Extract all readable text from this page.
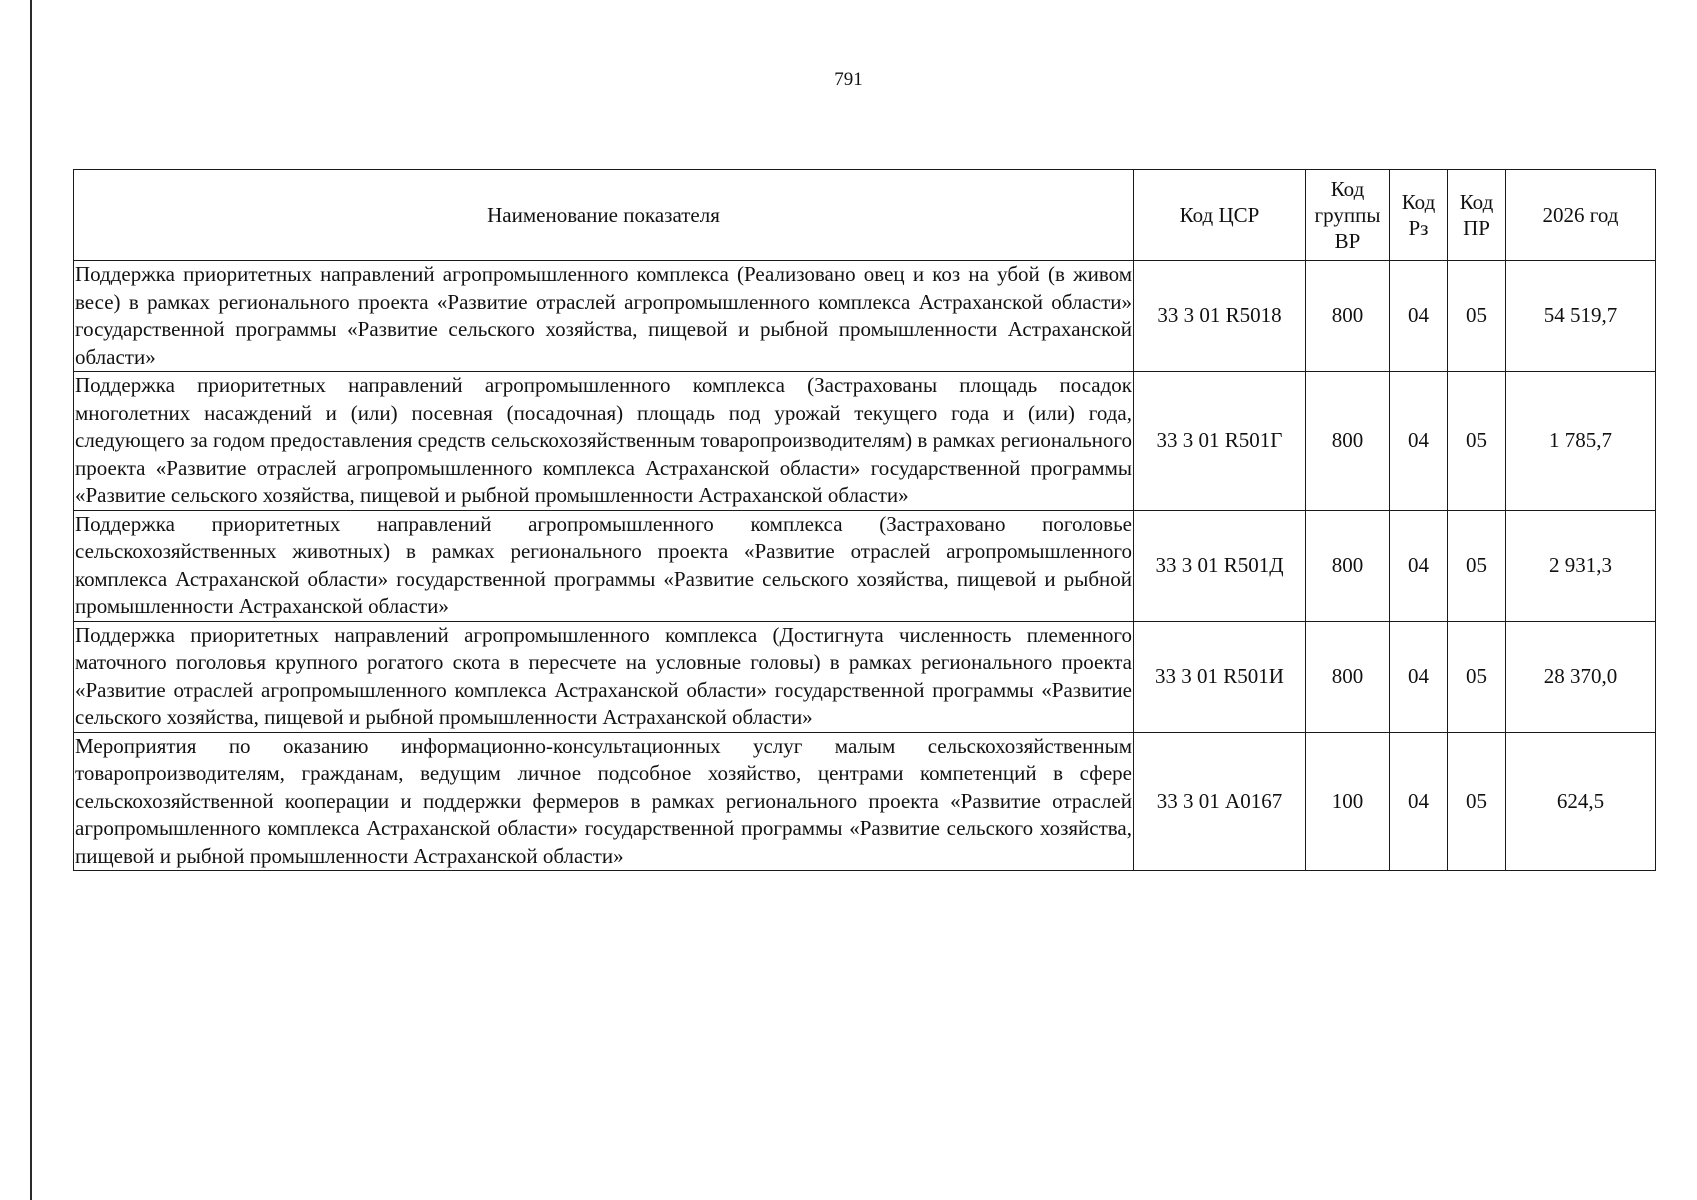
791
Наименование показателя	Код ЦСР	Код группы ВР	Код Рз	Код ПР	2026 год
Поддержка приоритетных направлений агропромышленного комплекса (Реализовано овец и коз на убой (в живом весе) в рамках регионального проекта «Развитие отраслей агропромышленного комплекса Астраханской области» государственной программы «Развитие сельского хозяйства, пищевой и рыбной промышленности Астраханской области»	33 3 01 R5018	800	04	05	54 519,7
Поддержка приоритетных направлений агропромышленного комплекса (Застрахованы площадь посадок многолетних насаждений и (или) посевная (посадочная) площадь под урожай текущего года и (или) года, следующего за годом предоставления средств сельскохозяйственным товаропроизводителям) в рамках регионального проекта «Развитие отраслей агропромышленного комплекса Астраханской области» государственной программы «Развитие сельского хозяйства, пищевой и рыбной промышленности Астраханской области»	33 3 01 R501Г	800	04	05	1 785,7
Поддержка приоритетных направлений агропромышленного комплекса (Застраховано поголовье сельскохозяйственных животных) в рамках регионального проекта «Развитие отраслей агропромышленного комплекса Астраханской области» государственной программы «Развитие сельского хозяйства, пищевой и рыбной промышленности Астраханской области»	33 3 01 R501Д	800	04	05	2 931,3
Поддержка приоритетных направлений агропромышленного комплекса (Достигнута численность племенного маточного поголовья крупного рогатого скота в пересчете на условные головы) в рамках регионального проекта «Развитие отраслей агропромышленного комплекса Астраханской области» государственной программы «Развитие сельского хозяйства, пищевой и рыбной промышленности Астраханской области»	33 3 01 R501И	800	04	05	28 370,0
Мероприятия по оказанию информационно-консультационных услуг малым сельскохозяйственным товаропроизводителям, гражданам, ведущим личное подсобное хозяйство, центрами компетенций в сфере сельскохозяйственной кооперации и поддержки фермеров в рамках регионального проекта «Развитие отраслей агропромышленного комплекса Астраханской области» государственной программы «Развитие сельского хозяйства, пищевой и рыбной промышленности Астраханской области»	33 3 01 А0167	100	04	05	624,5
